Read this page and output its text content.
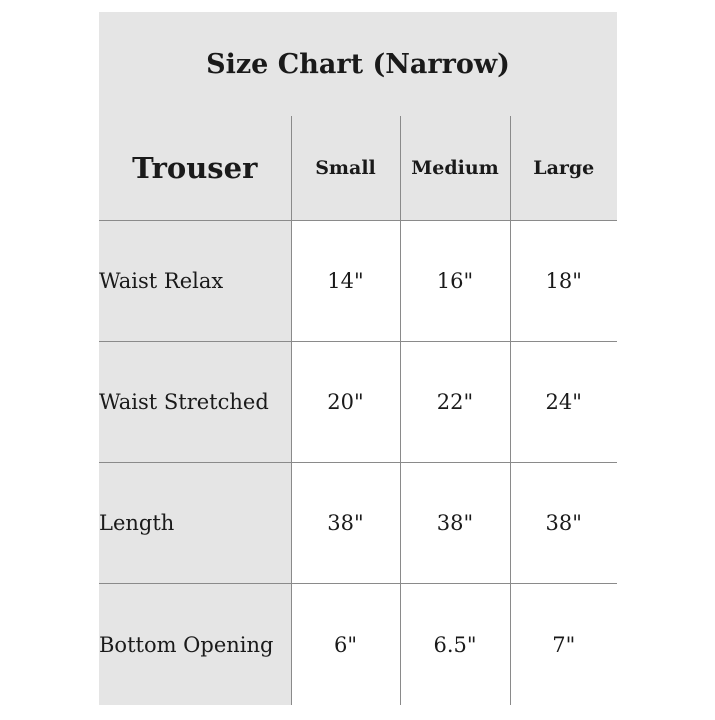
Size Chart (Narrow)
Trouser	Small	Medium	Large
Waist Relax	14"	16"	18"
Waist Stretched	20"	22"	24"
Length	38"	38"	38"
Bottom Opening	6"	6.5"	7"
